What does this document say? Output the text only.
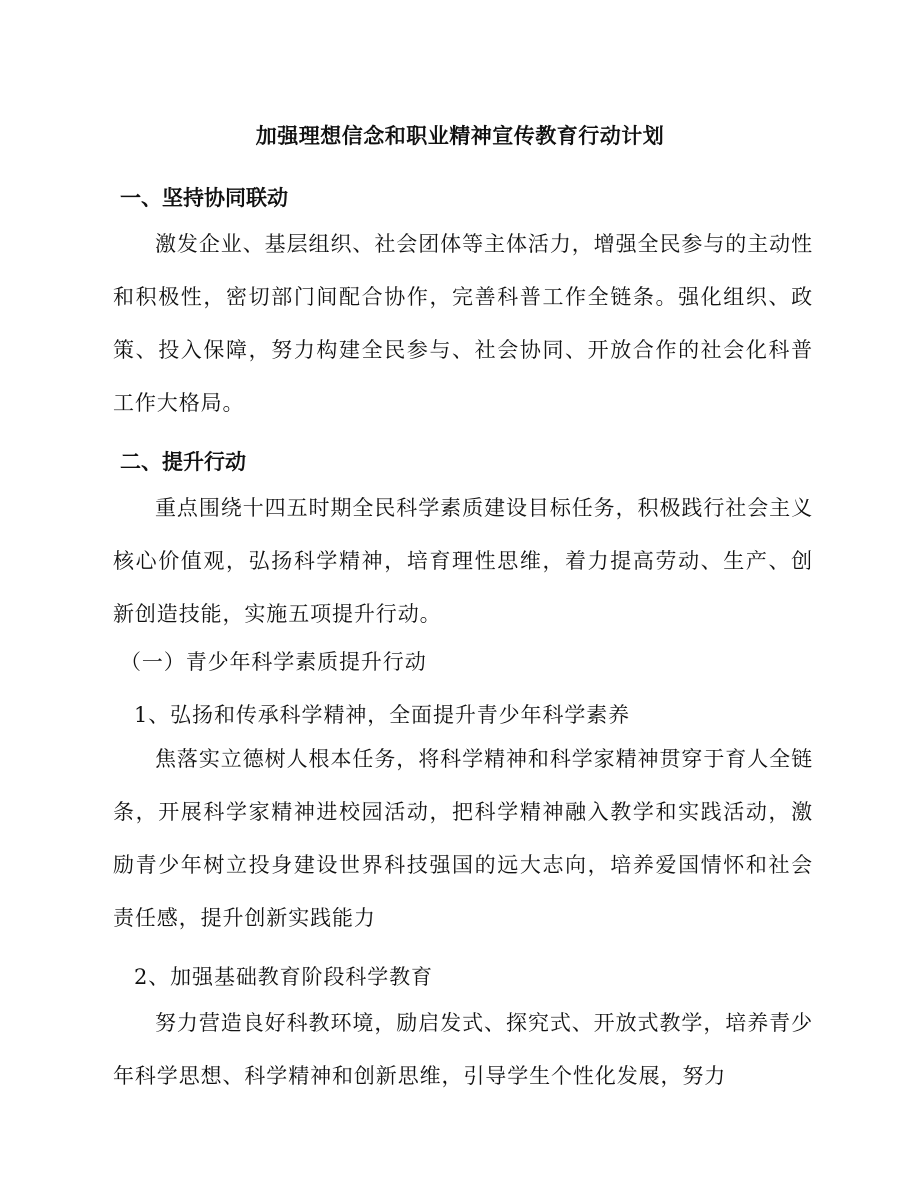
加强理想信念和职业精神宣传教育行动计划
一、坚持协同联动

激发企业、基层组织、社会团体等主体活力，增强全民参与的主动性和积极性，密切部门间配合协作，完善科普工作全链条。强化组织、政策、投入保障，努力构建全民参与、社会协同、开放合作的社会化科普工作大格局。

二、提升行动

重点围绕十四五时期全民科学素质建设目标任务，积极践行社会主义核心价值观，弘扬科学精神，培育理性思维，着力提高劳动、生产、创新创造技能，实施五项提升行动。

（一）青少年科学素质提升行动

1、弘扬和传承科学精神，全面提升青少年科学素养

焦落实立德树人根本任务，将科学精神和科学家精神贯穿于育人全链条，开展科学家精神进校园活动，把科学精神融入教学和实践活动，激励青少年树立投身建设世界科技强国的远大志向，培养爱国情怀和社会责任感，提升创新实践能力

2、加强基础教育阶段科学教育

努力营造良好科教环境，励启发式、探究式、开放式教学，培养青少年科学思想、科学精神和创新思维，引导学生个性化发展，努力
